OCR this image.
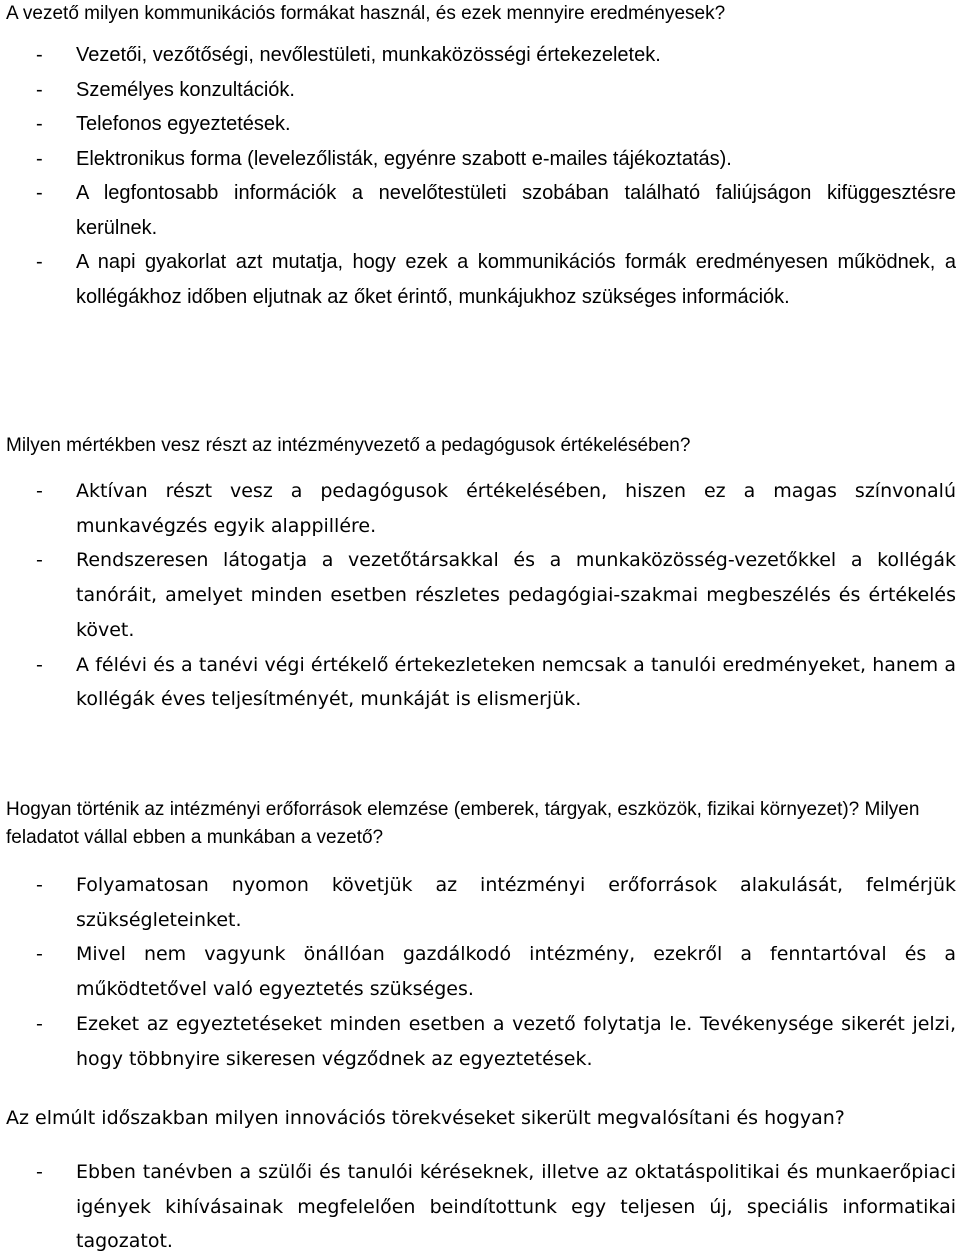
A vezető milyen kommunikációs formákat használ, és ezek mennyire eredményesek?

- Vezetői, vezőtőségi, nevőlestületi, munkaközösségi értekezeletek.
- Személyes konzultációk.
- Telefonos egyeztetések.
- Elektronikus forma (levelezőlisták, egyénre szabott e-mailes tájékoztatás).
- A legfontosabb információk a nevelőtestületi szobában található faliújságon kifüggesztésre kerülnek.
- A napi gyakorlat azt mutatja, hogy ezek a kommunikációs formák eredményesen működnek, a kollégákhoz időben eljutnak az őket érintő, munkájukhoz szükséges információk.

Milyen mértékben vesz részt az intézményvezető a pedagógusok értékelésében?

- Aktívan részt vesz a pedagógusok értékelésében, hiszen ez a magas színvonalú munkavégzés egyik alappillére.
- Rendszeresen látogatja a vezetőtársakkal és a munkaközösség-vezetőkkel a kollégák tanóráit, amelyet minden esetben részletes pedagógiai-szakmai megbeszélés és értékelés követ.
- A félévi és a tanévi végi értékelő értekezleteken nemcsak a tanulói eredményeket, hanem a kollégák éves teljesítményét, munkáját is elismerjük.

Hogyan történik az intézményi erőforrások elemzése (emberek, tárgyak, eszközök, fizikai környezet)? Milyen feladatot vállal ebben a munkában a vezető?

- Folyamatosan nyomon követjük az intézményi erőforrások alakulását, felmérjük szükségleteinket.
- Mivel nem vagyunk önállóan gazdálkodó intézmény, ezekről a fenntartóval és a működtetővel való egyeztetés szükséges.
- Ezeket az egyeztetéseket minden esetben a vezető folytatja le. Tevékenysége sikerét jelzi, hogy többnyire sikeresen végződnek az egyeztetések.

Az elmúlt időszakban milyen innovációs törekvéseket sikerült megvalósítani és hogyan?

- Ebben tanévben a szülői és tanulói kéréseknek, illetve az oktatáspolitikai és munkaerőpiaci igények kihívásainak megfelelően beindítottunk egy teljesen új, speciális informatikai tagozatot.
